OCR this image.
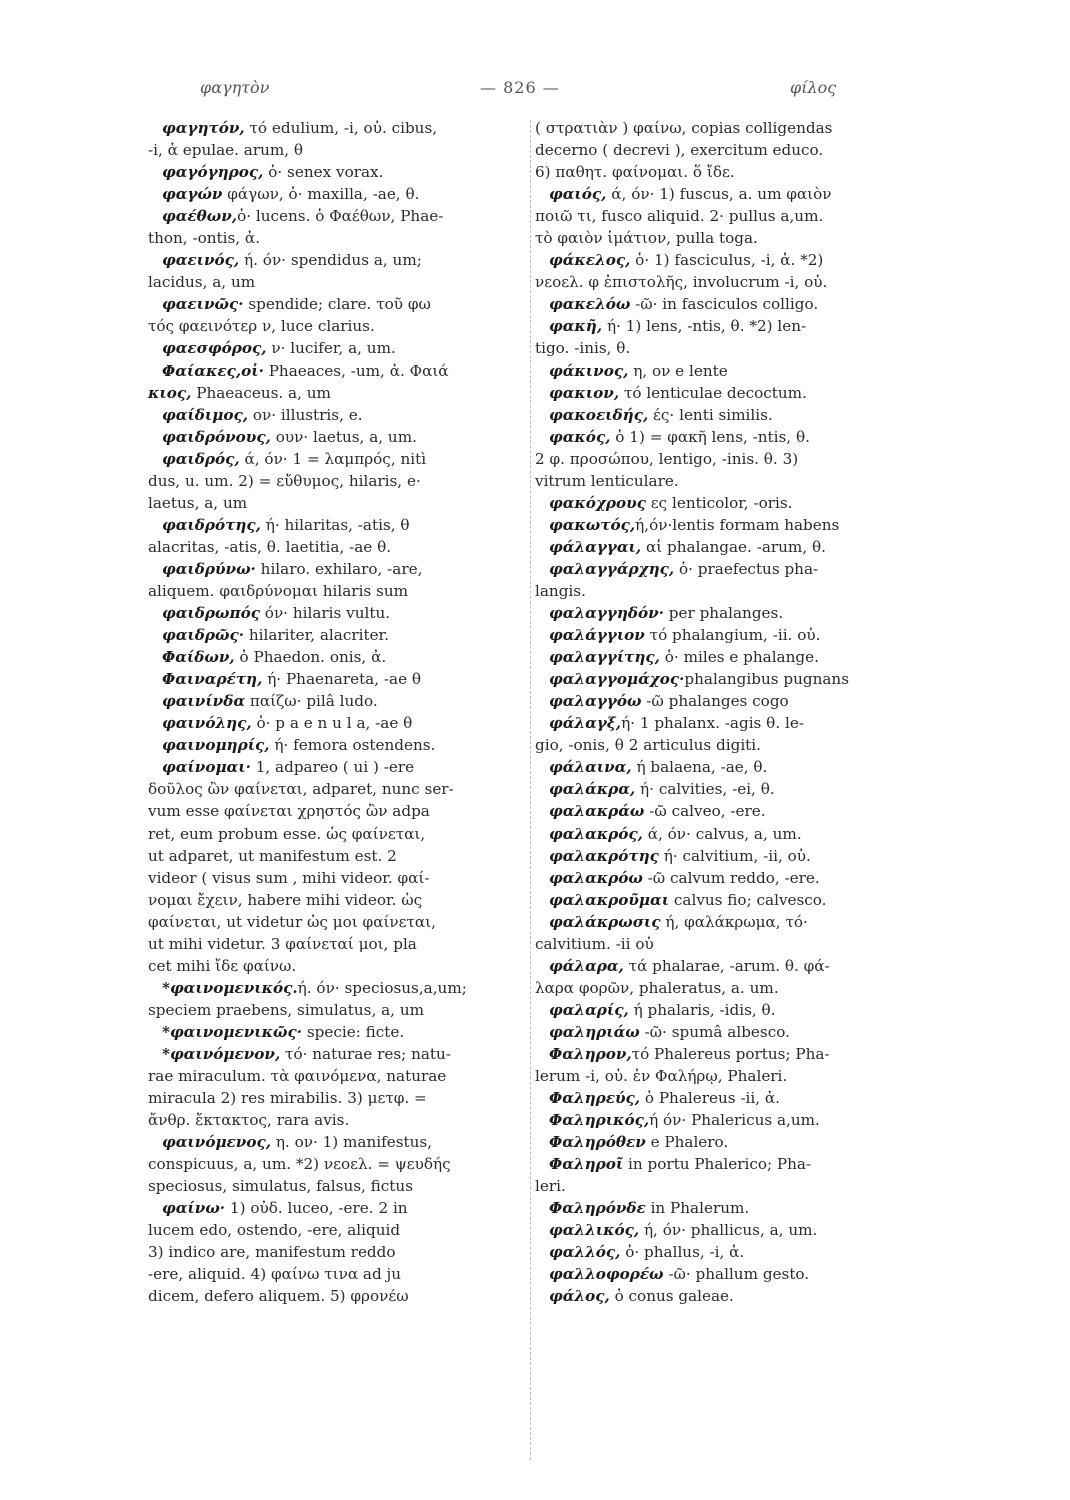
φαγητὸν	— 826 —	φίλος
φαγητόν, τό edulium, -i, οὐ. cibus,
-i, ἁ epulae. arum, θ
φαγόγηρος, ὁ· senex vorax.
φαγών φάγων, ὁ· maxilla, -ae, θ.
φαέθων,ὁ· lucens. ὁ Φαέθων, Phae-
thon, -ontis, ἀ.
φαεινός, ή. όν· spendidus a, um;
lacidus, a, um
φαεινῶς· spendide; clare. τοῦ φω
τός φαεινότερ ν, luce clarius.
φαεσφόρος, ν· lucifer, a, um.
Φαίακες,οἱ· Phaeaces, -um, ἀ. Φαιά
κιος, Phaeaceus. a, um
φαίδιμος, ον· illustris, e.
φαιδρόνους, ουν· laetus, a, um.
φαιδρός, ά, όν· 1 = λαμπρός, nitì
dus, u. um. 2) = εὔθυμος, hilaris, e·
laetus, a, um
φαιδρότης, ή· hilaritas, -atis, θ
alacritas, -atis, θ. laetitia, -ae θ.
φαιδρύνω· hilaro. exhilaro, -are,
aliquem. φαιδρύνομαι hilaris sum
φαιδρωπός όν· hilaris vultu.
φαιδρῶς· hilariter, alacriter.
Φαίδων, ὁ Phaedon. onis, ἀ.
Φαιναρέτη, ή· Phaenareta, -ae θ
φαινίνδα παίζω· pilâ ludo.
φαινόλης, ὁ· p a e n u l a, -ae θ
φαινομηρίς, ή· femora ostendens.
φαίνομαι· 1, adpareo ( ui ) -ere
δοῦλος ὢν φαίνεται, adparet, nunc ser-
vum esse φαίνεται χρηστός ὢν adpa
ret, eum probum esse. ὡς φαίνεται,
ut adparet, ut manifestum est. 2
videor ( visus sum , mihi videor. φαί-
νομαι ἔχειν, habere mihi videor. ὡς
φαίνεται, ut videtur ὡς μοι φαίνεται,
ut mihi videtur. 3 φαίνεταί μοι, pla
cet mihi ἴδε φαίνω.
*φαινομενικός.ή. όν· speciosus,a,um;
speciem praebens, simulatus, a, um
*φαινομενικῶς· specie: ficte.
*φαινόμενον, τό· naturae res; natu-
rae miraculum. τὰ φαινόμενα, naturae
miracula 2) res mirabilis. 3) μετφ. =
ἄνθρ. ἔκτακτος, rara avis.
φαινόμενος, η. ον· 1) manifestus,
conspicuus, a, um. *2) νεοελ. = ψευδής
speciosus, simulatus, falsus, fictus
φαίνω· 1) οὐδ. luceo, -ere. 2 in
lucem edo, ostendo, -ere, aliquid
3) indico are, manifestum reddo
-ere, aliquid. 4) φαίνω τινα ad ju
dicem, defero aliquem. 5) φρονέω
( στρατιὰν ) φαίνω, copias colligendas
decerno ( decrevi ), exercitum educo.
6) παθητ. φαίνομαι. ὅ ἴδε.
φαιός, ά, όν· 1) fuscus, a. um φαιὸν
ποιῶ τι, fusco aliquid. 2· pullus a,um.
τὸ φαιὸν ἱμάτιον, pulla toga.
φάκελος, ὁ· 1) fasciculus, -i, ἀ. *2)
νεοελ. φ ἐπιστολῆς, involucrum -i, οὐ.
φακελόω -ῶ· in fasciculos colligo.
φακῆ, ή· 1) lens, -ntis, θ. *2) len-
tigo. -inis, θ.
φάκινος, η, ον e lente
φακιον, τό lenticulae decoctum.
φακοειδής, ές· lenti similis.
φακός, ὁ 1) = φακῆ lens, -ntis, θ.
2 φ. προσώπου, lentigo, -inis. θ. 3)
vitrum lenticulare.
φακόχρους ες lenticolor, -oris.
φακωτός,ή,όν·lentis formam habens
φάλαγγαι, αἱ phalangae. -arum, θ.
φαλαγγάρχης, ὁ· praefectus pha-
langis.
φαλαγγηδόν· per phalanges.
φαλάγγιον τό phalangium, -ii. οὐ.
φαλαγγίτης, ὁ· miles e phalange.
φαλαγγομάχος·phalangibus pugnans
φαλαγγόω -ῶ phalanges cogo
φάλαγξ,ή· 1 phalanx. -agis θ. le-
gio, -onis, θ 2 articulus digiti.
φάλαινα, ή balaena, -ae, θ.
φαλάκρα, ή· calvities, -ei, θ.
φαλακράω -ῶ calveo, -ere.
φαλακρός, ά, όν· calvus, a, um.
φαλακρότης ή· calvitium, -ii, οὐ.
φαλακρόω -ῶ calvum reddo, -ere.
φαλακροῦμαι calvus fio; calvesco.
φαλάκρωσις ή, φαλάκρωμα, τό·
calvitium. -ii οὐ
φάλαρα, τά phalarae, -arum. θ. φά-
λαρα φορῶν, phaleratus, a. um.
φαλαρίς, ή phalaris, -idis, θ.
φαληριάω -ῶ· spumâ albesco.
Φαληρον,τό Phalereus portus; Pha-
lerum -i, οὐ. ἐν Φαλήρῳ, Phaleri.
Φαληρεύς, ὁ Phalereus -ii, ἀ.
Φαληρικός,ή όν· Phalericus a,um.
Φαληρόθεν e Phalero.
Φαληροῖ in portu Phalerico; Pha-
leri.
Φαληρόνδε in Phalerum.
φαλλικός, ή, όν· phallicus, a, um.
φαλλός, ὁ· phallus, -i, ἀ.
φαλλοφορέω -ῶ· phallum gesto.
φάλος, ὁ conus galeae.
